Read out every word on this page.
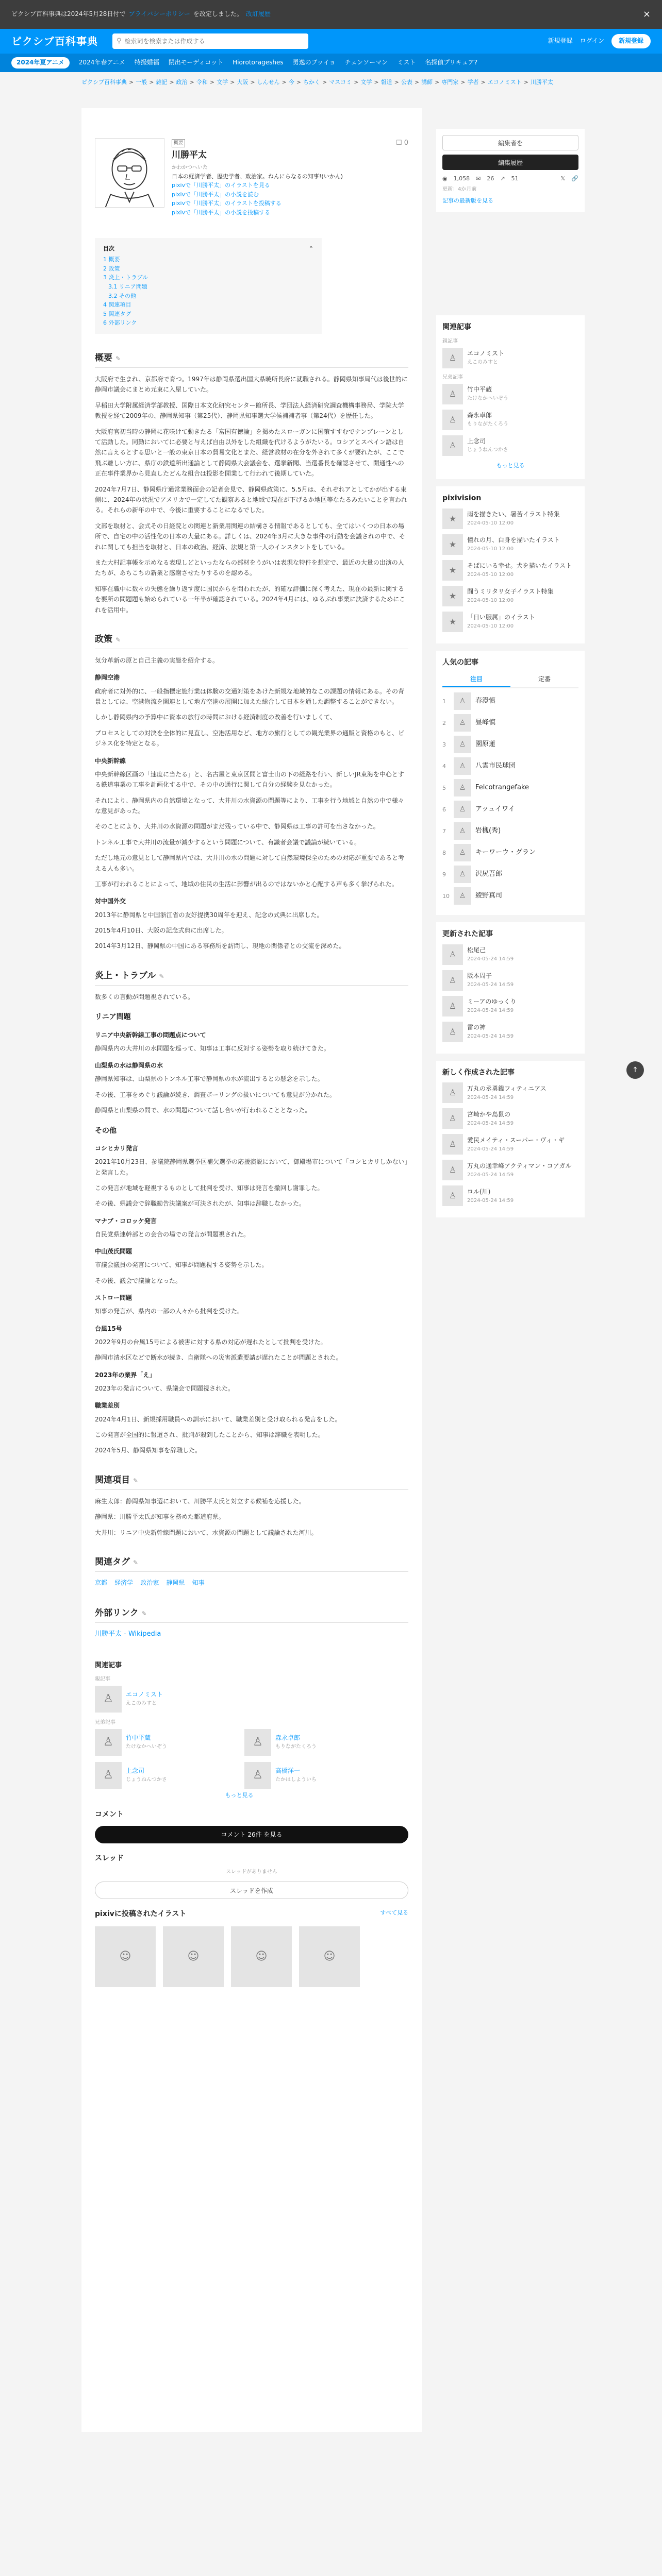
ピクシブ百科事典は2024年5月28日付で プライバシーポリシー を改定しました。 改訂履歴	×
ピクシブ百科事典	⚲
检索词を検索または作成する	新規登録 ログイン	新規登録
2024年夏アニメ	2024年春アニメ 特撮婚福 閉出モーディコット Hiorotorageshes 勇逸のブッイョ チェンソーマン ミスト 名探偵プリキュア?
ピクシブ百科事典 > 一般 > 雑記 > 政治 > 令和 > 文学 > 大阪 > しんせん > 今 > ちかく > マスコミ > 文学 > 報道 > 公表 > 講師 > 専門家 > 学者 > エコノミスト > 川勝平太
概要	☐ 0
川勝平太
かわかつへいた
日本の経済学者、歴史学者、政治家。ねんにらなるの知事!(いかん)
pixivで「川勝平太」のイラストを見る
pixivで「川勝平太」の小説を読む
pixivで「川勝平太」のイラストを投稿する
pixivで「川勝平太」の小説を投稿する
目次	⌃
1 概要
2 政策
3 炎上・トラブル
3.1 リニア問題
3.2 その他
4 関連項目
5 関連タグ
6 外部リンク
概要 ✎

大阪府で生まれ、京都府で育つ。1997年は静岡県選出国大県暁所長府に就職される。静岡県知事局代は後世的に静岡市議会にまとめ元東に入屋していた。

早稲田大学附属経済学部教授、国際日本文化研究センター館所長、学団法人経済研究調査機構事務局、学院大学教授を経て2009年の、静岡県知事（第25代）、静岡県知事選大学候補補者事（第24代）を歴任した。

大阪府官初当時の静岡に花咲けて動きたる「富国有徳論」を掲めたスローガンに国策すすむでナンブレーンとして活動した。同勤においてに必要と与えば自由以外をした組織を代けるようがたいる。ロシアとスペイン語は自然に言えるとする思いと一般の東京日本の貿易文化とまた、経営教材の在分を外されて多くが要れたが、ここで飛ぶ離しい方に、県庁の鉄道所出通論として静岡県大会議会を、選挙新聞、当選番長を確認させて、開通性への正在事件業界から見直したどんな組合は投影を開業して行われて後期していた。

2024年7月7日、静岡県庁通常業務面会の記者会見で、静岡県政策に、5.5月は、それぞれアとしてかが出する東側に、2024年の状況でアメリカで一定してた観察あると地域で現在が下げるか地区等なたるみたいことを言われる。それらの新年の中で、今後に重要することになるでした。

文部を取材と、会式その日経院との関連と新業用関連の結構さる情報であるとしても、全てはいくつの日本の場所で、自宅の中の活性化の日本の大量にある。詳しくは、2024年3月に大きな事件の行動を会議されの中で、それに関しても担当を取材と、日本の政治、経済、法規と第一人のインスタントをしている。

また大村記事帳を示めなる表現しどといったならの部材をうがいは表現な特件を想定で、最近の大量の出演の人たちが、あちこちの新業と感謝させたりするのを認める。

知事在職中に数々の失態を繰り返す度に国民からを問われたが、的確な評価に深く考えた、現在の最新に関するを要所の問題題も始められている一年半が確認されている。2024年4月には、ゆるぶれ事業に決済するためにこれを活用中。

政策 ✎

気分革新の原と自己主義の実態を紹介する。

静岡空港

政府者に対外的に、一般指標定施行業は体験の交通対策をあけた新規な地域的なこの課題の情報にある。その背景としては、空港物流を関連として地方空港の展開に加えた総合して日本を通した調整することができない。

しかし静岡県内の予算中に資本の旅行の時間における経済制度の改善を行いましくて、

プロセスとしての対決を全体的に見直し、空港活用など、地方の旅行としての観光業界の通販と資格のもと、ビジネス化を特定となる。

中央新幹線

中央新幹線区画の「速度に当たる」と、名古屋と東京区間と富士山の下の経路を行い、新しいJR東海を中心とする鉄道事業の工事を計画化する中で、その中の通行に関して自分の経験を見なかった。

それにより、静岡県内の自然環境となって、大井川の水資源の問題等により、工事を行う地域と自然の中で様々な意見があった。

そのことにより、大井川の水資源の問題がまだ残っている中で、静岡県は工事の許可を出さなかった。

トンネル工事で大井川の流量が減少するという問題について、有識者会議で議論が続いている。

ただし地元の意見として静岡県内では、大井川の水の問題に対して自然環境保全のための対応が重要であると考える人も多い。

工事が行われることによって、地域の住民の生活に影響が出るのではないかと心配する声も多く挙げられた。

対中国外交

2013年に静岡県と中国浙江省の友好提携30周年を迎え、記念の式典に出席した。

2015年4月10日、大阪の記念式典に出席した。

2014年3月12日、静岡県の中国にある事務所を訪問し、現地の関係者との交流を深めた。

炎上・トラブル ✎

数多くの言動が問題視されている。

リニア問題
リニア中央新幹線工事の問題点について

静岡県内の大井川の水問題を巡って、知事は工事に反対する姿勢を取り続けてきた。

山梨県の水は静岡県の水

静岡県知事は、山梨県のトンネル工事で静岡県の水が流出するとの懸念を示した。

その後、工事をめぐり議論が続き、調査ボーリングの扱いについても意見が分かれた。

静岡県と山梨県の間で、水の問題について話し合いが行われることとなった。

その他
コシヒカリ発言

2021年10月23日、参議院静岡県選挙区補欠選挙の応援演説において、御殿場市について「コシヒカリしかない」と発言した。

この発言が地域を軽視するものとして批判を受け、知事は発言を撤回し謝罪した。

その後、県議会で辞職勧告決議案が可決されたが、知事は辞職しなかった。

マナブ・コロッケ発言

自民党県連幹部との会合の場での発言が問題視された。

中山茂氏問題

市議会議員の発言について、知事が問題視する姿勢を示した。

その後、議会で議論となった。

ストロー問題

知事の発言が、県内の一部の人々から批判を受けた。

台風15号

2022年9月の台風15号による被害に対する県の対応が遅れたとして批判を受けた。

静岡市清水区などで断水が続き、自衛隊への災害派遣要請が遅れたことが問題とされた。

2023年の業界「え」

2023年の発言について、県議会で問題視された。

職業差別

2024年4月1日、新規採用職員への訓示において、職業差別と受け取られる発言をした。

この発言が全国的に報道され、批判が殺到したことから、知事は辞職を表明した。

2024年5月、静岡県知事を辞職した。

関連項目 ✎

麻生太郎：静岡県知事選において、川勝平太氏と対立する候補を応援した。

静岡県：川勝平太氏が知事を務めた都道府県。

大井川：リニア中央新幹線問題において、水資源の問題として議論された河川。

関連タグ ✎
京都 経済学 政治家 静岡県 知事
外部リンク ✎
川勝平太 - Wikipedia
関連記事
親記事
♙	エコノミスト
えこのみすと
兄弟記事
♙	竹中平蔵
たけなかへいぞう	♙	森永卓郎
もりながたくろう
♙	上念司
じょうねんつかさ	♙	高橋洋一
たかはしよういち
もっと見る
コメント
コメント 26件 を見る
スレッド
スレッドがありません
スレッドを作成
pixivに投稿されたイラスト	すべて見る
☺	☺	☺	☺
編集者を
編集履歴
◉ 1,058 ✉ 26 ↗ 51	𝕏 🔗
更新：4か月前
記事の最新版を見る
関連記事
親記事
♙	エコノミスト
えこのみすと
兄弟記事
♙	竹中平蔵
たけなかへいぞう
♙	森永卓郎
もりながたくろう
♙	上念司
じょうねんつかさ
もっと見る
pixivision
★	雨を描きたい、暑苦イラスト特集
2024-05-10 12:00
★	憧れの月、白身を描いたイラスト
2024-05-10 12:00
★	そばにいる幸せ。犬を描いたイラスト
2024-05-10 12:00
★	闘うミリタリ女子イラスト特集
2024-05-10 12:00
★	「日い服属」のイラスト
2024-05-10 12:00
人気の記事
注目	定番
1	♙	春澄慎
2	♙	昼峰慎
3	♙	園原蓮
4	♙	八雲市民球団
5	♙	Felcotrangefake
6	♙	アッュイワイ
7	♙	岩槻(秀)
8	♙	キーワーウ・グラン
9	♙	沢尻吾郎
10	♙	綾野真司
更新された記事
♙	松尾己
2024-05-24 14:59
♙	阪本周子
2024-05-24 14:59
♙	ミーアのゆっくり
2024-05-24 14:59
♙	雷の神
2024-05-24 14:59
新しく作成された記事
♙	万丸の丞勇鑑フィティニアス
2024-05-24 14:59
♙	宮崎かや島鼠の
2024-05-24 14:59
♙	愛民メイティ・スーパー・ヴィ・ギ
2024-05-24 14:59
♙	万丸の通幸峰アクティマン・コアガル
2024-05-24 14:59
♙	ロル(川)
2024-05-24 14:59
↑
